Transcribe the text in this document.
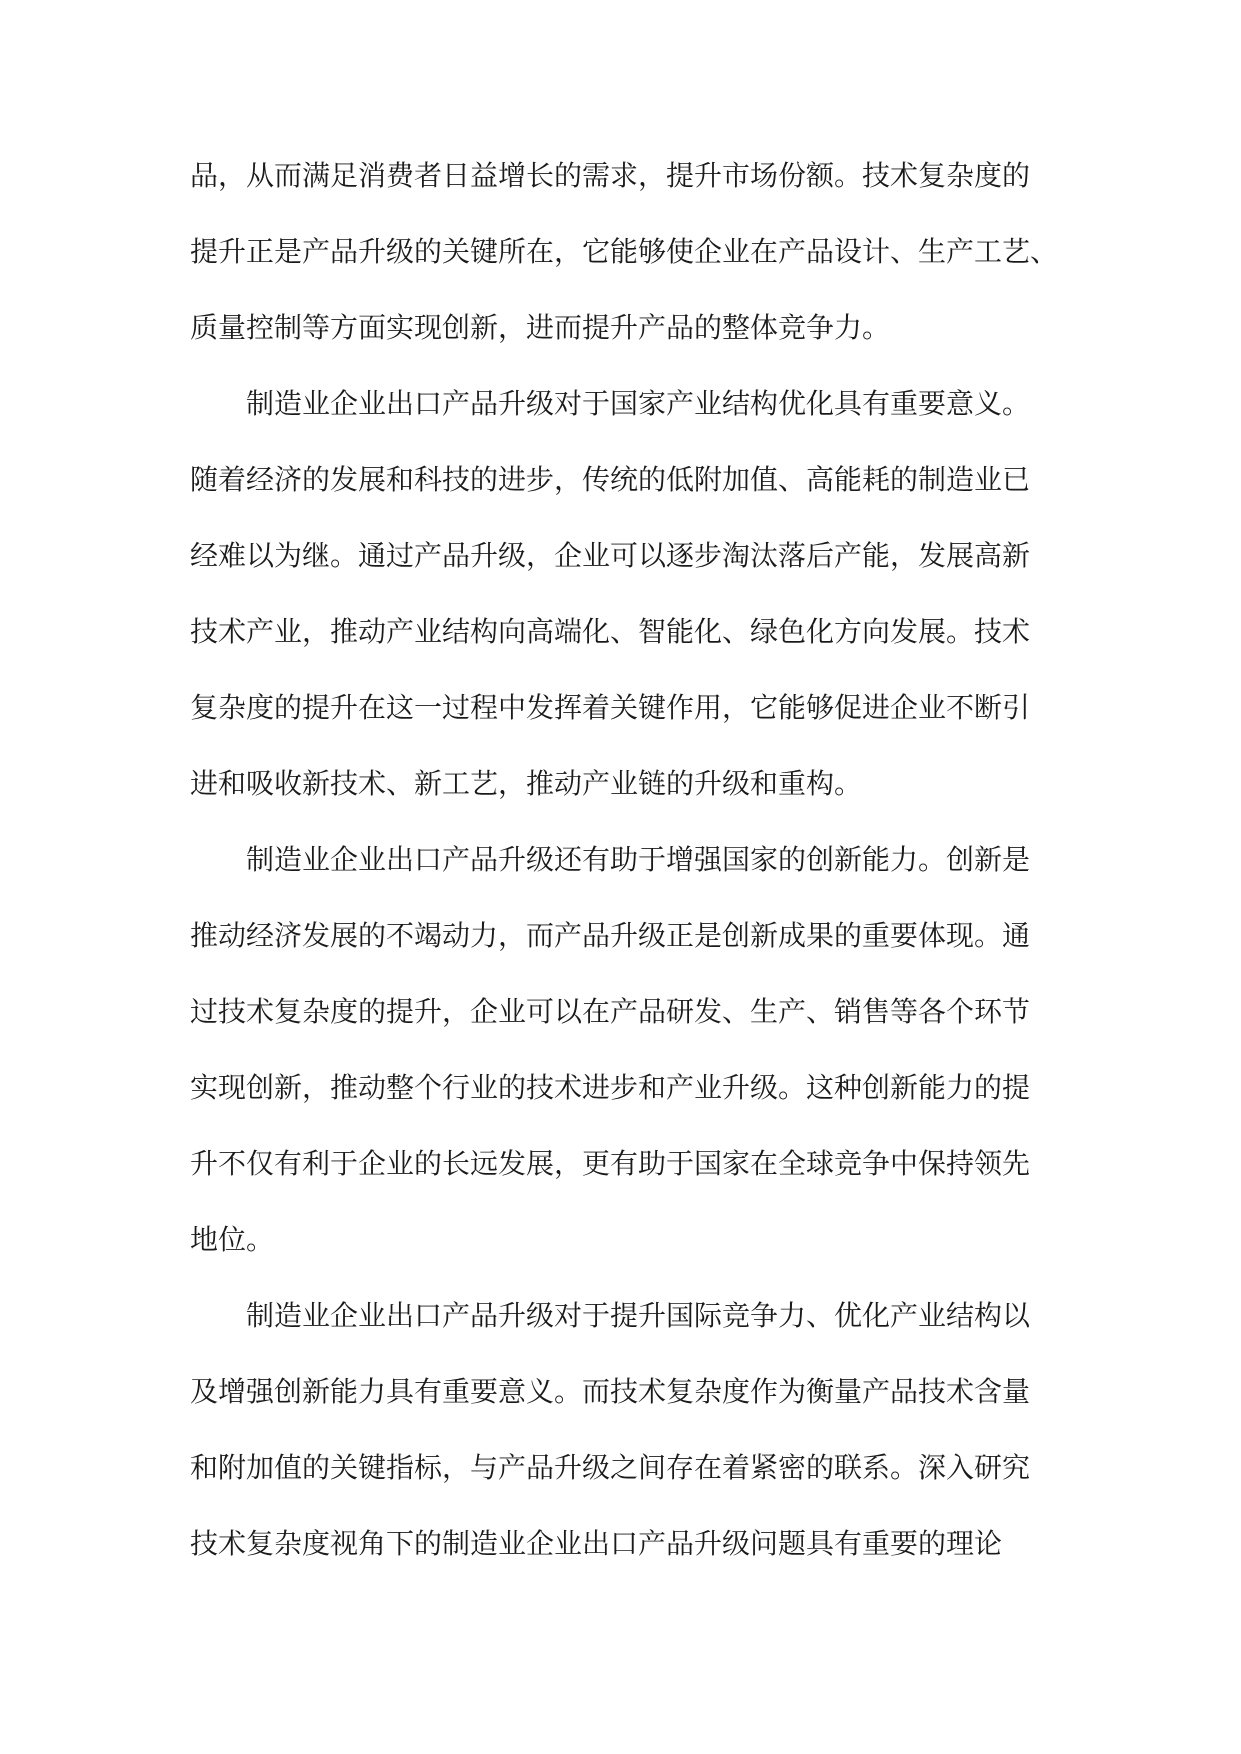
品，从而满足消费者日益增长的需求，提升市场份额。技术复杂度的
提升正是产品升级的关键所在，它能够使企业在产品设计、生产工艺、
质量控制等方面实现创新，进而提升产品的整体竞争力。
制造业企业出口产品升级对于国家产业结构优化具有重要意义。
随着经济的发展和科技的进步，传统的低附加值、高能耗的制造业已
经难以为继。通过产品升级，企业可以逐步淘汰落后产能，发展高新
技术产业，推动产业结构向高端化、智能化、绿色化方向发展。技术
复杂度的提升在这一过程中发挥着关键作用，它能够促进企业不断引
进和吸收新技术、新工艺，推动产业链的升级和重构。
制造业企业出口产品升级还有助于增强国家的创新能力。创新是
推动经济发展的不竭动力，而产品升级正是创新成果的重要体现。通
过技术复杂度的提升，企业可以在产品研发、生产、销售等各个环节
实现创新，推动整个行业的技术进步和产业升级。这种创新能力的提
升不仅有利于企业的长远发展，更有助于国家在全球竞争中保持领先
地位。
制造业企业出口产品升级对于提升国际竞争力、优化产业结构以
及增强创新能力具有重要意义。而技术复杂度作为衡量产品技术含量
和附加值的关键指标，与产品升级之间存在着紧密的联系。深入研究
技术复杂度视角下的制造业企业出口产品升级问题具有重要的理论
